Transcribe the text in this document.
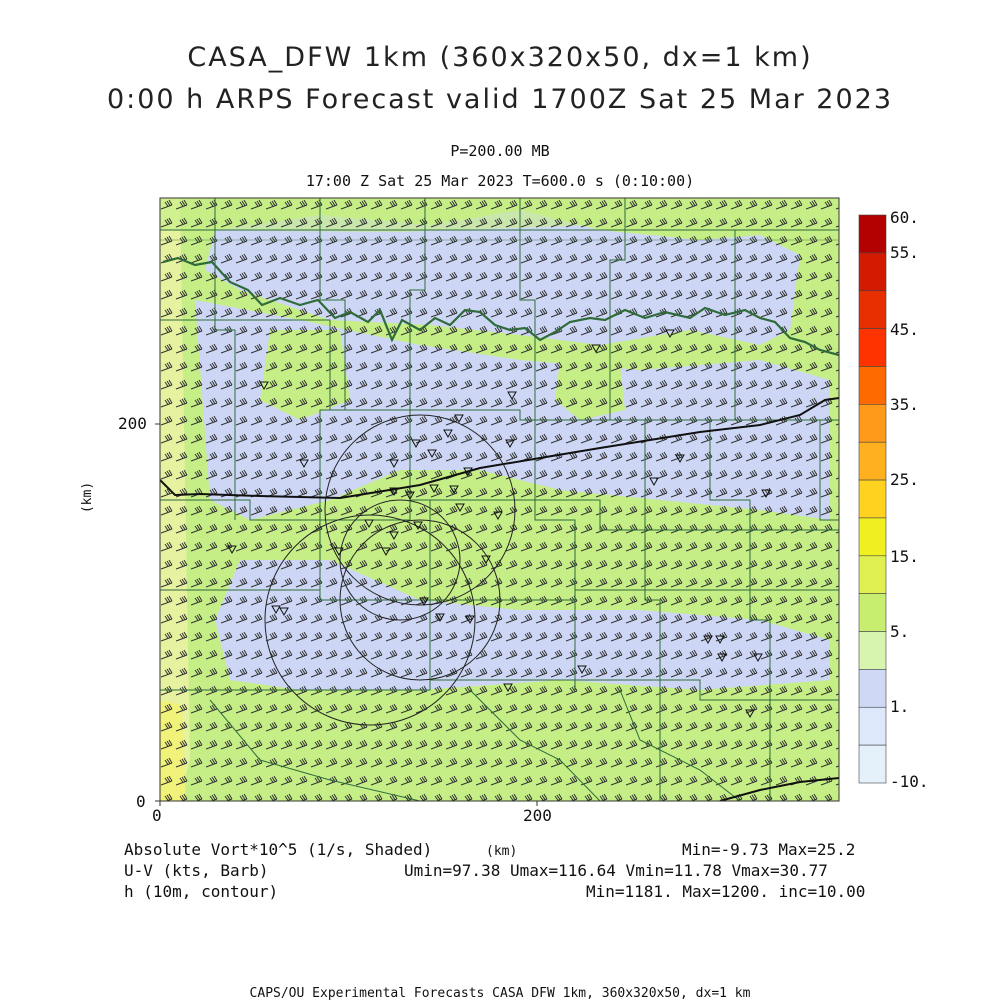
CASA_DFW 1km (360x320x50, dx=1 km)
0:00 h ARPS Forecast valid 1700Z Sat 25 Mar 2023
P=200.00 MB
17:00 Z Sat 25 Mar 2023 T=600.0 s (0:10:00)
0	200
0
200
(km)
60.
55.
45.
35.
25.
15.
5.
1.
-10.
Absolute Vort*10^5 (1/s, Shaded)
U-V (kts, Barb)
h (10m, contour)
(km)	Min=-9.73 Max=25.2
Umin=97.38 Umax=116.64 Vmin=11.78 Vmax=30.77
Min=1181. Max=1200. inc=10.00
CAPS/OU Experimental Forecasts CASA DFW 1km, 360x320x50, dx=1 km
